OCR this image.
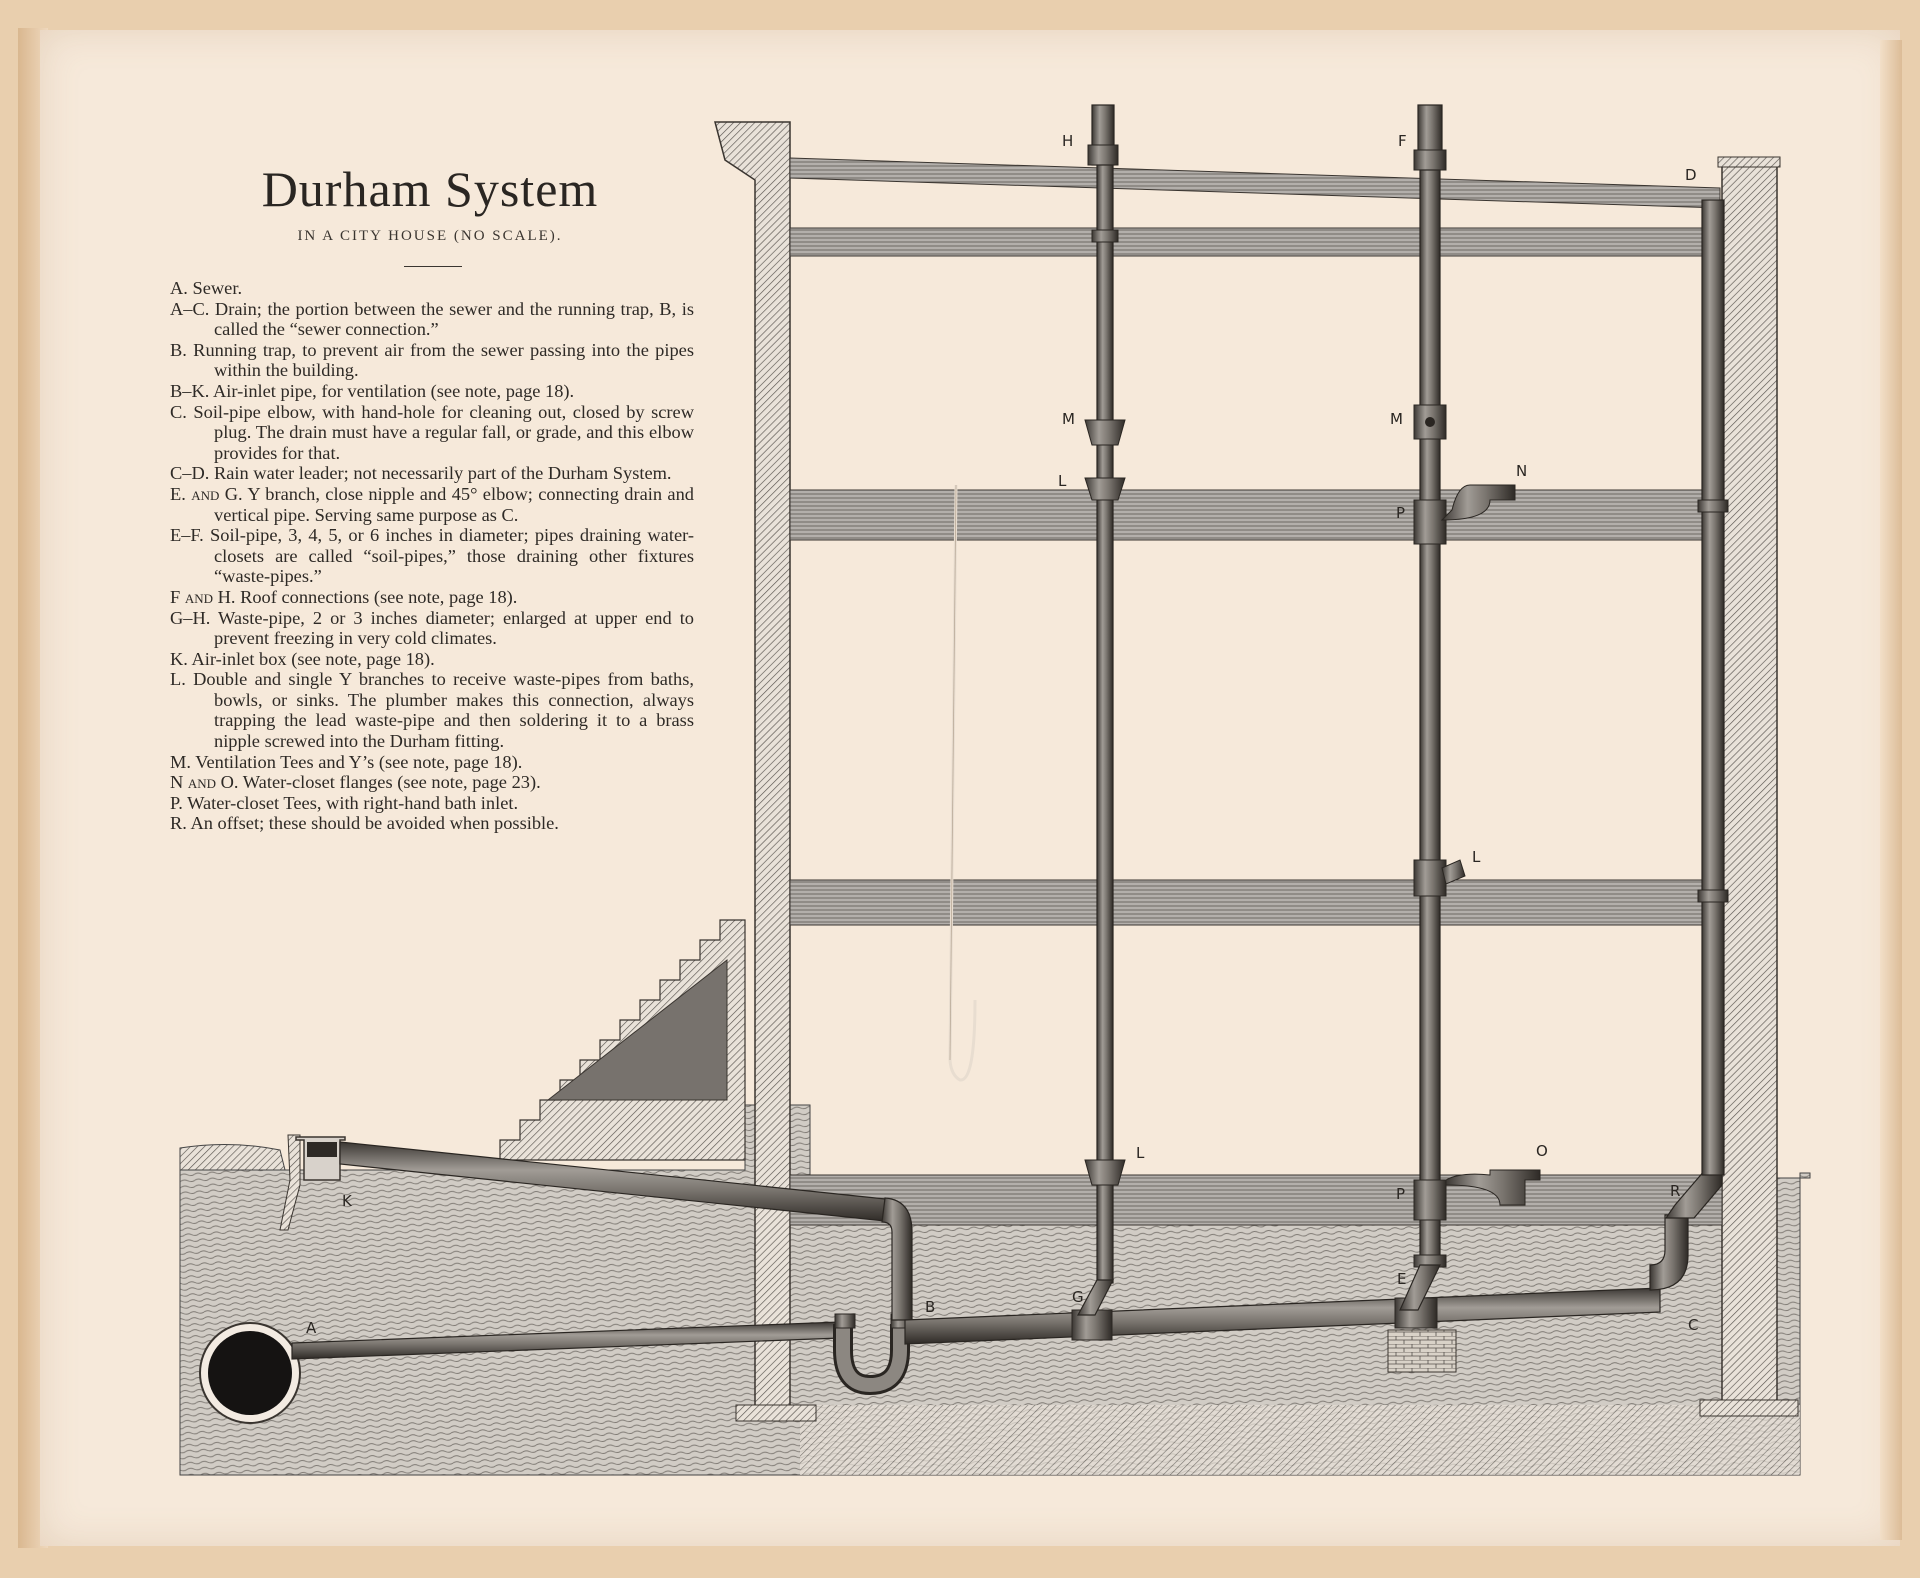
Durham System
IN A CITY HOUSE (NO SCALE).

A. Sewer.

A–C. Drain; the portion between the sewer and the running trap, B, is called the “sewer connection.”

B. Running trap, to prevent air from the sewer passing into the pipes within the building.

B–K. Air-inlet pipe, for ventilation (see note, page 18).

C. Soil-pipe elbow, with hand-hole for cleaning out, closed by screw plug. The drain must have a regular fall, or grade, and this elbow provides for that.

C–D. Rain water leader; not necessarily part of the Durham System.

E. and G. Y branch, close nipple and 45° elbow; connecting drain and vertical pipe. Serving same purpose as C.

E–F. Soil-pipe, 3, 4, 5, or 6 inches in diameter; pipes draining water-closets are called “soil-pipes,” those draining other fixtures “waste-pipes.”

F and H. Roof connections (see note, page 18).

G–H. Waste-pipe, 2 or 3 inches diameter; enlarged at upper end to prevent freezing in very cold climates.

K. Air-inlet box (see note, page 18).

L. Double and single Y branches to receive waste-pipes from baths, bowls, or sinks. The plumber makes this connection, always trapping the lead waste-pipe and then soldering it to a brass nipple screwed into the Durham fitting.

M. Ventilation Tees and Y’s (see note, page 18).

N and O. Water-closet flanges (see note, page 23).

P. Water-closet Tees, with right-hand bath inlet.

R. An offset; these should be avoided when possible.

H	F
D
M	M
N
L
P
L
L	O
P	R
K
A
B
G
E
C
